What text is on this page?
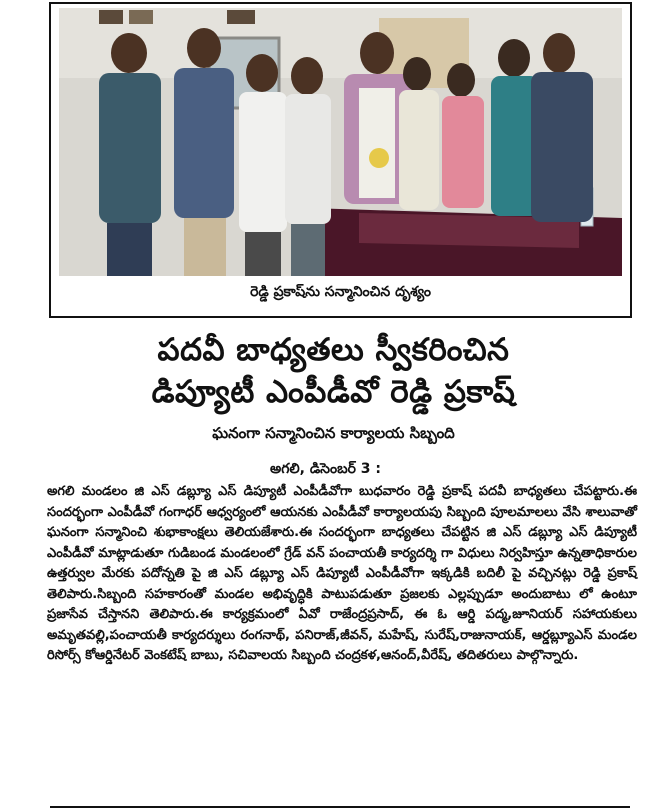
రెడ్డి ప్రకాష్‌ను సన్మానించిన దృశ్యం
పదవీ బాధ్యతలు స్వీకరించిన
డిప్యూటీ ఎంపీడీవో రెడ్డి ప్రకాష్
ఘనంగా సన్మానించిన కార్యాలయ సిబ్బంది
అగలి, డిసెంబర్ 3 :
అగలి మండలం జి ఎస్ డబ్ల్యూ ఎస్ డిప్యూటీ ఎంపీడీవోగా బుధవారం రెడ్డి ప్రకాష్ పదవీ బాధ్యతలు చేపట్టారు.ఈ సందర్భంగా ఎంపీడీవో గంగాధర్ ఆధ్వర్యంలో ఆయనకు ఎంపీడీవో కార్యాలయపు సిబ్బంది పూలమాలలు వేసి శాలువాతో ఘనంగా సన్మానించి శుభాకాంక్షలు తెలియజేశారు.ఈ సందర్భంగా బాధ్యతలు చేపట్టిన జి ఎస్ డబ్ల్యూ ఎస్ డిప్యూటీ ఎంపీడీవో మాట్లాడుతూ గుడిబండ మండలంలో గ్రేడ్ వన్ పంచాయతీ కార్యదర్శి గా విధులు నిర్వహిస్తూ ఉన్నతాధికారుల ఉత్తర్వుల మేరకు పదోన్నతి పై జి ఎస్ డబ్ల్యూ ఎస్ డిప్యూటీ ఎంపీడీవోగా ఇక్కడికి బదిలీ పై వచ్చినట్లు రెడ్డి ప్రకాష్ తెలిపారు.సిబ్బంది సహకారంతో మండల అభివృద్ధికి పాటుపడుతూ ప్రజలకు ఎల్లప్పుడూ అందుబాటు లో ఉంటూ ప్రజాసేవ చేస్తానని తెలిపారు.ఈ కార్యక్రమంలో ఏవో రాజేంద్రప్రసాద్, ఈ ఓ ఆర్డి పద్మ,జూనియర్ సహాయకులు అమృతవల్లి,పంచాయతీ కార్యదర్శులు రంగనాథ్, పనిరాజ్,జీవన్, మహేష్, సురేష్,రాజునాయక్, ఆర్డబ్ల్యూఎస్ మండల రిసోర్స్ కోఆర్డినేటర్ వెంకటేష్ బాబు, సచివాలయ సిబ్బంది చంద్రకళ,ఆనంద్,వీరేష్, తదితరులు పాల్గొన్నారు.
